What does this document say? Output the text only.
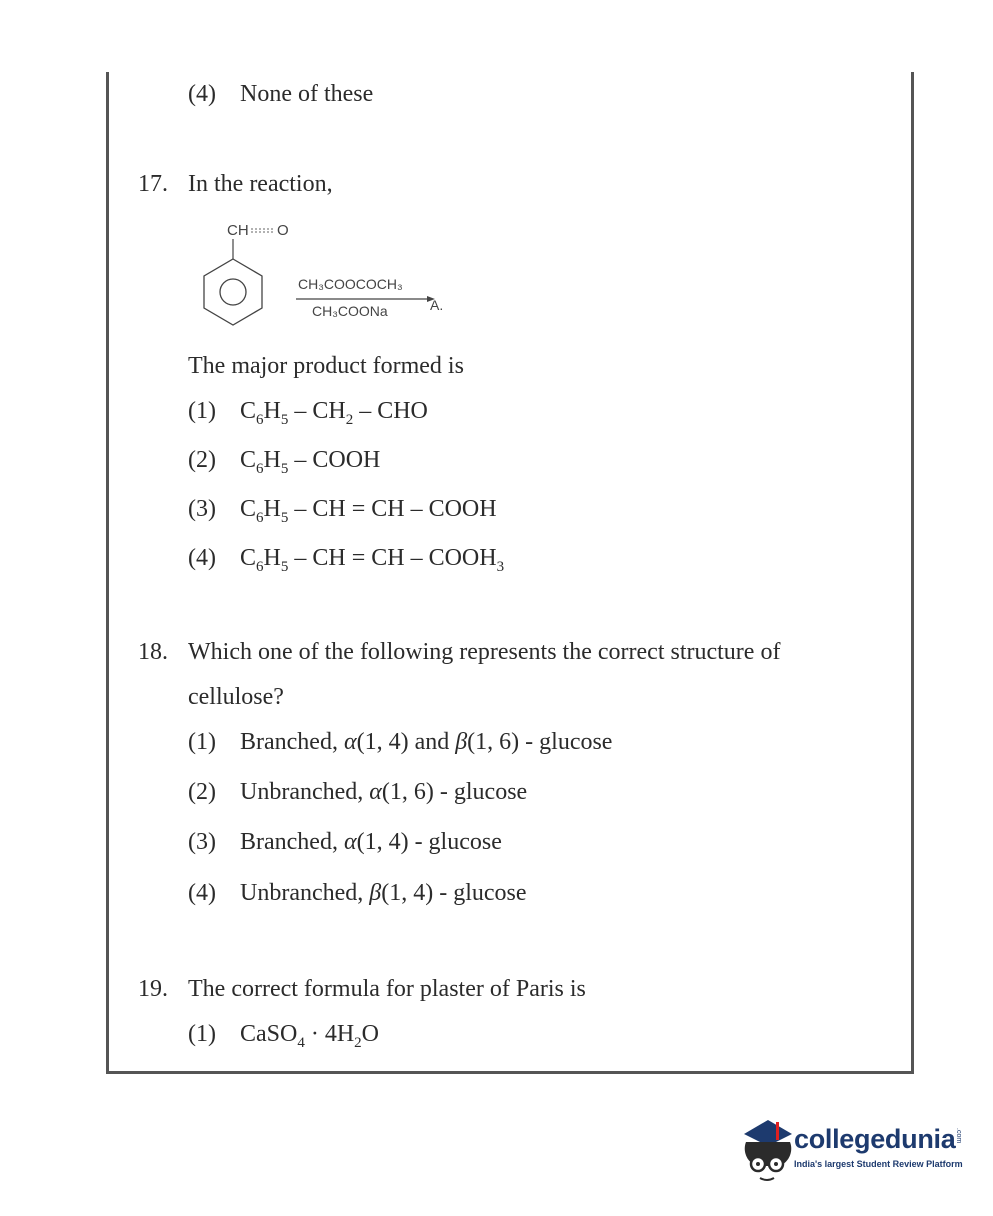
(4) None of these
17. In the reaction,
CH O
CH₃COOCOCH₃
CH₃COONa	A.
The major product formed is
(1) $C_6H_5 - CH_2$ – CHO
(2) $C_6H_5$ – COOH
(3) $C_6H_5$ – CH = CH – COOH
(4) $C_6H_5$ – CH = CH – $COOH_3$
18. Which one of the following represents the correct structure of
cellulose?
(1) Branched, α(1, 4) and β(1, 6) - glucose
(2) Unbranched, α(1, 6) - glucose
(3) Branched, α(1, 4) - glucose
(4) Unbranched, β(1, 4) - glucose
19. The correct formula for plaster of Paris is
(1) CaSO$_4$ · $4H_2O$
collegedunia .com
India's largest Student Review Platform
